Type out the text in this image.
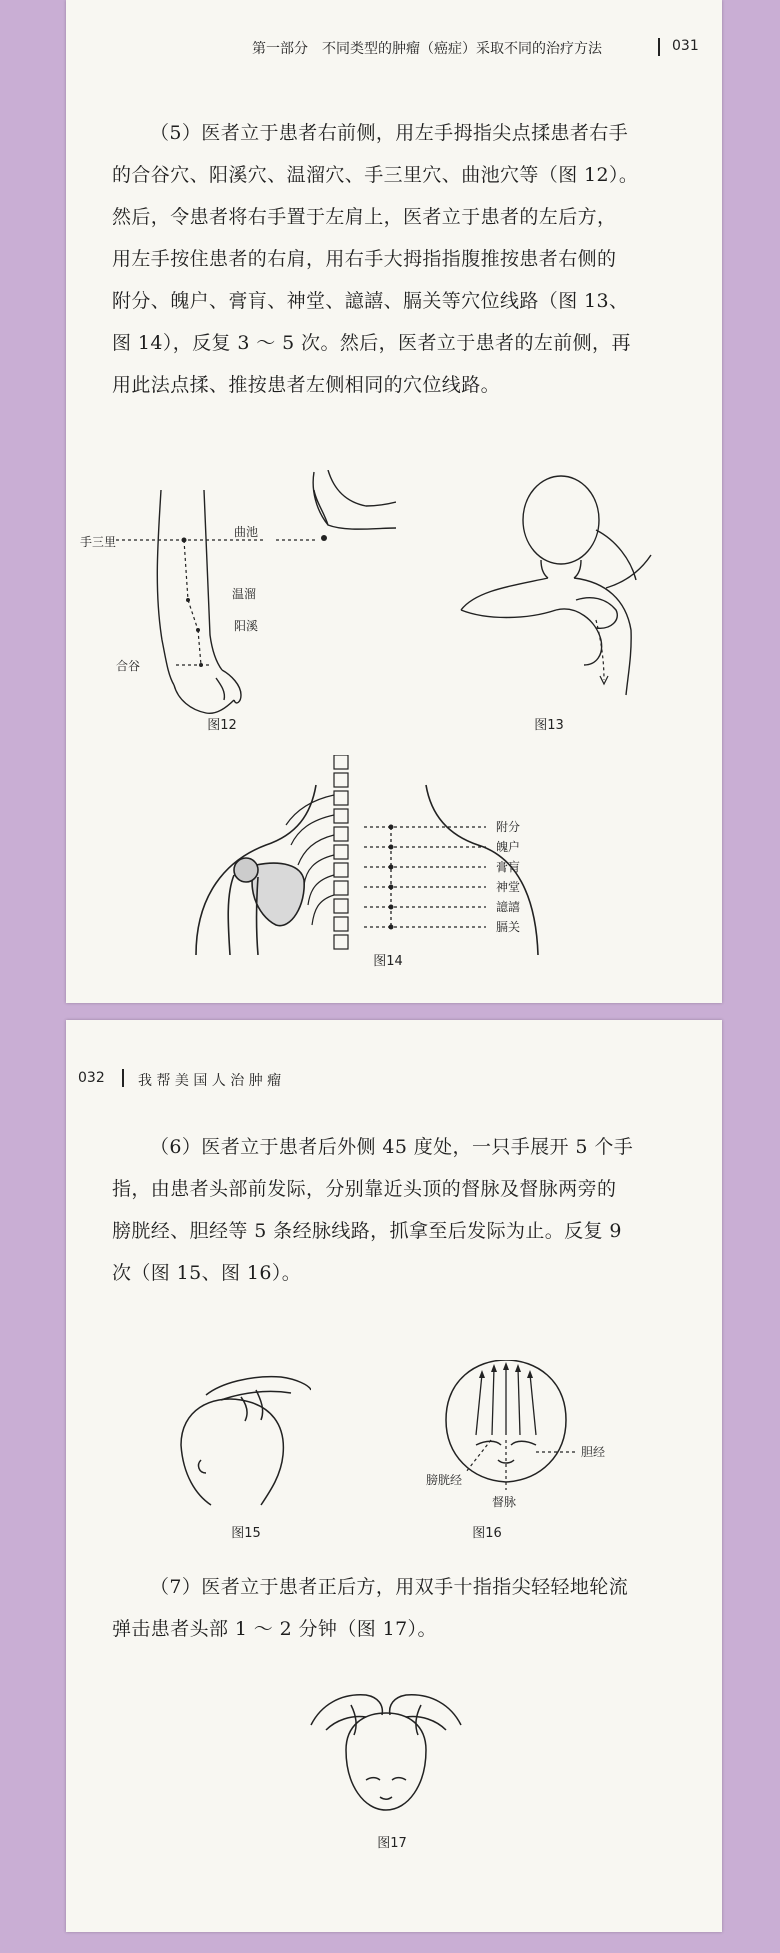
第一部分　不同类型的肿瘤（癌症）采取不同的治疗方法	031

（5）医者立于患者右前侧，用左手拇指尖点揉患者右手
的合谷穴、阳溪穴、温溜穴、手三里穴、曲池穴等（图 12）。
然后，令患者将右手置于左肩上，医者立于患者的左后方，
用左手按住患者的右肩，用右手大拇指指腹推按患者右侧的
附分、魄户、膏肓、神堂、譩譆、膈关等穴位线路（图 13、
图 14），反复 3 ～ 5 次。然后，医者立于患者的左前侧，再
用此法点揉、推按患者左侧相同的穴位线路。

手三里
曲池
温溜
阳溪
合谷
图12	图13
附分
魄户
膏肓
神堂
譩譆
膈关
图14
032 我 帮 美 国 人 治 肿 瘤

（6）医者立于患者后外侧 45 度处，一只手展开 5 个手
指，由患者头部前发际，分别靠近头顶的督脉及督脉两旁的
膀胱经、胆经等 5 条经脉线路，抓拿至后发际为止。反复 9
次（图 15、图 16）。

图15
胆经
膀胱经
督脉
图16

（7）医者立于患者正后方，用双手十指指尖轻轻地轮流
弹击患者头部 1 ～ 2 分钟（图 17）。

图17
